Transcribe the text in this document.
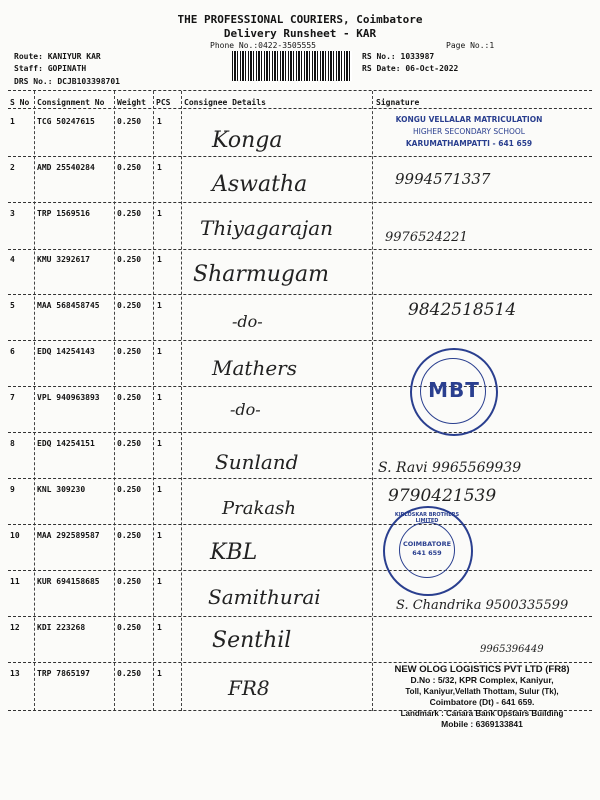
THE PROFESSIONAL COURIERS, Coimbatore
Delivery Runsheet - KAR
Phone No.:0422-3505555	Page No.:1
Route: KANIYUR KAR
Staff: GOPINATH
DRS No.: DCJB103398701
RS No.: 1033987
RS Date: 06-Oct-2022
S No Consignment No Weight PCS Consignee Details	Signature
1	TCG 50247615	0.250 1
Konga
2	AMD 25540284	0.250 1
Aswatha	9994571337
3	TRP 1569516	0.250 1
Thiyagarajan	9976524221
4	KMU 3292617	0.250 1
Sharmugam
5	MAA 568458745 0.250 1
-do-
9842518514
6	EDQ 14254143	0.250 1
Mathers
7	VPL 940963893 0.250 1
-do-
8	EDQ 14254151	0.250 1
Sunland	S. Ravi 9965569939
9	KNL 309230	0.250 1
Prakash
9790421539
10 MAA 292589587 0.250 1
KBL
11 KUR 694158685 0.250 1
Samithurai	S. Chandrika 9500335599
12 KDI 223268	0.250 1
Senthil	9965396449
13 TRP 7865197	0.250 1
FR8
KONGU VELLALAR MATRICULATION
HIGHER SECONDARY SCHOOL
KARUMATHAMPATTI - 641 659
MBT
KIRLOSKAR BROTHERS LIMITED
COIMBATORE 641 659
NEW OLOG LOGISTICS PVT LTD (FR8)
D.No : 5/32, KPR Complex, Kaniyur,
Toll, Kaniyur,Vellath Thottam, Sulur (Tk),
Coimbatore (Dt) - 641 659.
Landmark : Canara Bank Upstairs Building
Mobile : 6369133841
